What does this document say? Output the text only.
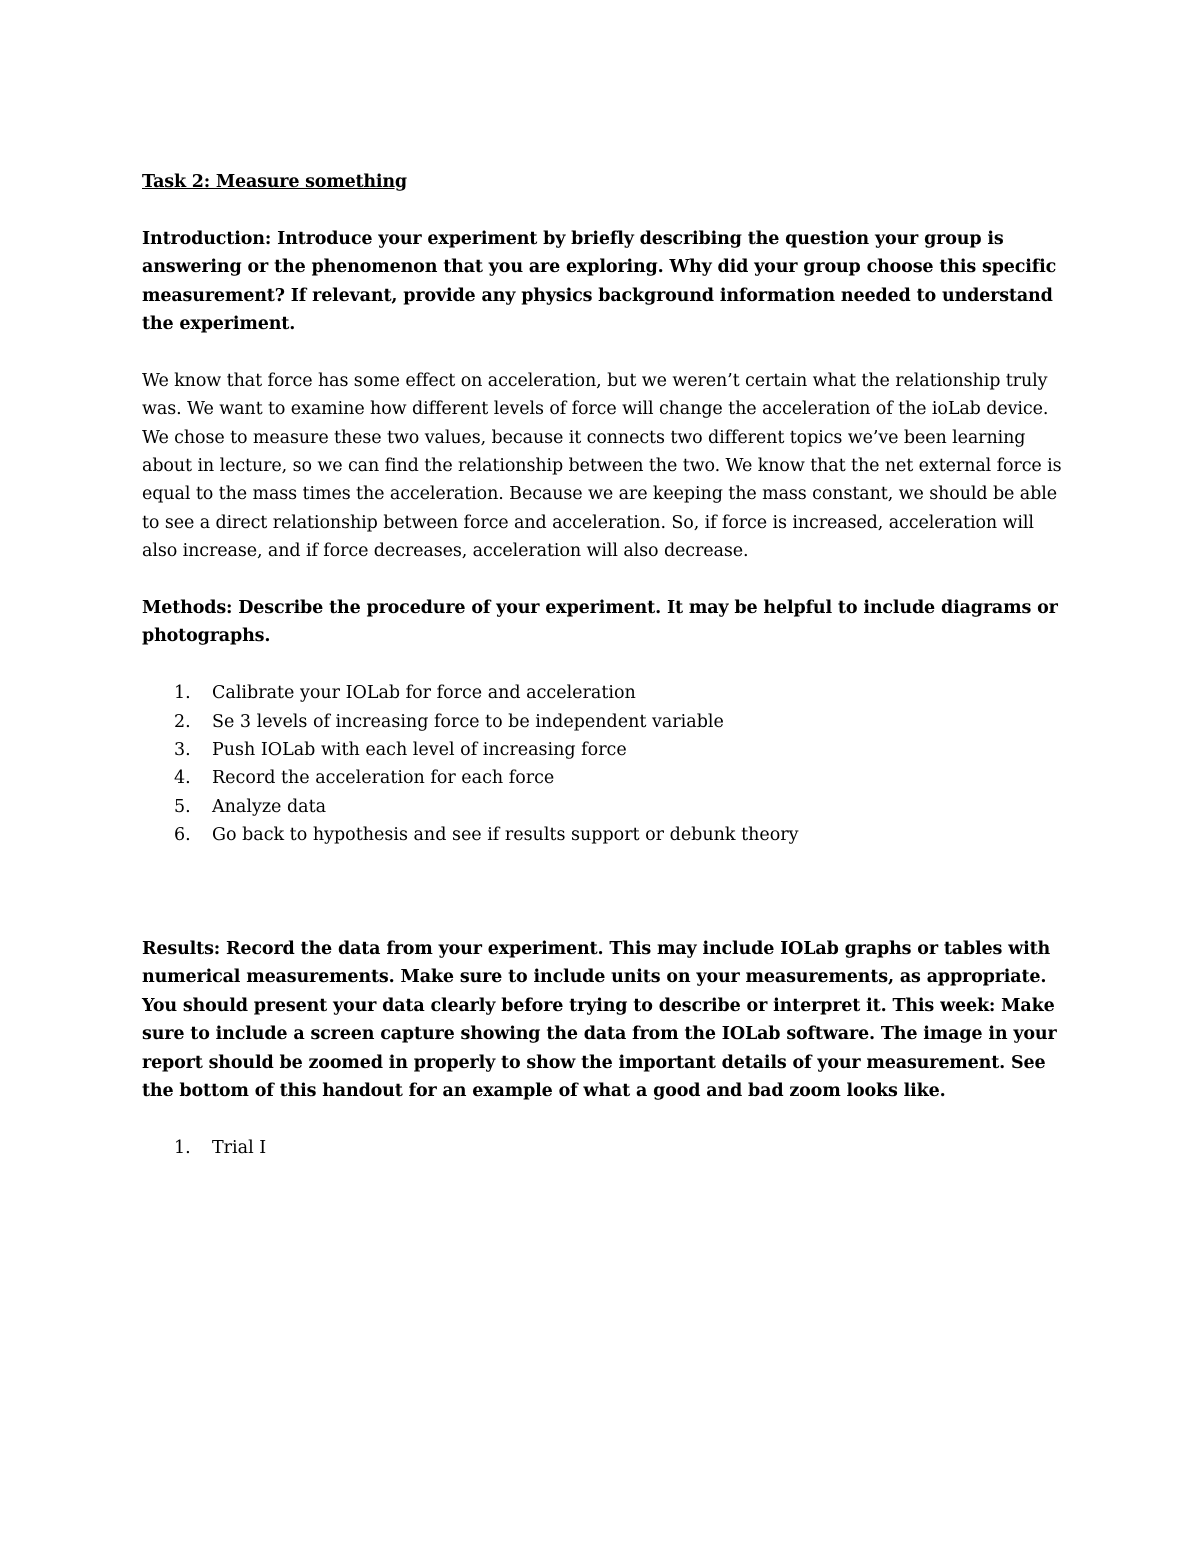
Task 2: Measure something

Introduction: Introduce your experiment by briefly describing the question your group is answering or the phenomenon that you are exploring. Why did your group choose this specific measurement? If relevant, provide any physics background information needed to understand the experiment.

We know that force has some effect on acceleration, but we weren’t certain what the relationship truly was. We want to examine how different levels of force will change the acceleration of the ioLab device. We chose to measure these two values, because it connects two different topics we’ve been learning about in lecture, so we can find the relationship between the two. We know that the net external force is equal to the mass times the acceleration. Because we are keeping the mass constant, we should be able to see a direct relationship between force and acceleration. So, if force is increased, acceleration will also increase, and if force decreases, acceleration will also decrease.

Methods: Describe the procedure of your experiment. It may be helpful to include diagrams or photographs.

1.	Calibrate your IOLab for force and acceleration
2.	Se 3 levels of increasing force to be independent variable
3.	Push IOLab with each level of increasing force
4.	Record the acceleration for each force
5.	Analyze data
6.	Go back to hypothesis and see if results support or debunk theory

Results: Record the data from your experiment. This may include IOLab graphs or tables with numerical measurements. Make sure to include units on your measurements, as appropriate. You should present your data clearly before trying to describe or interpret it. This week: Make sure to include a screen capture showing the data from the IOLab software. The image in your report should be zoomed in properly to show the important details of your measurement. See the bottom of this handout for an example of what a good and bad zoom looks like.

1.	Trial I
